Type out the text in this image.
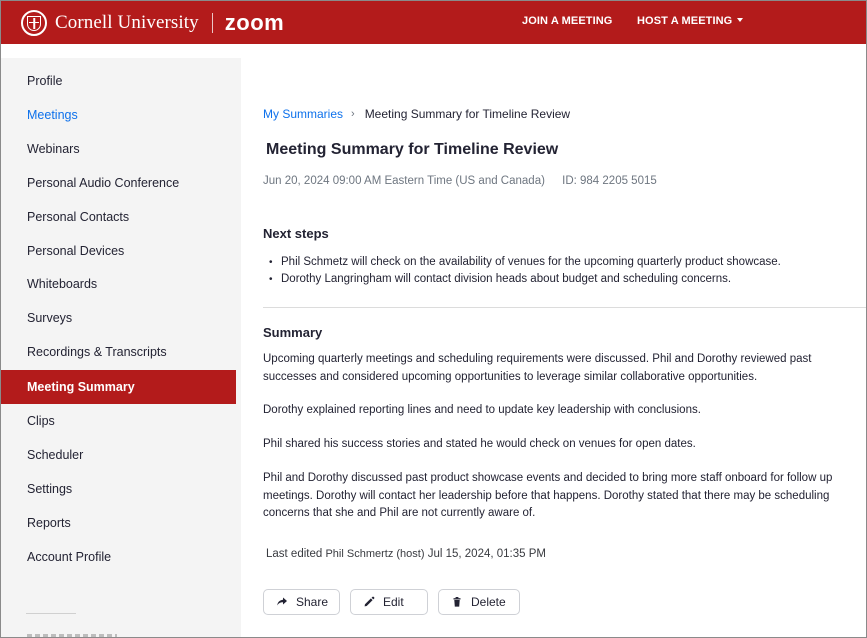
Cornell University zoom	JOIN A MEETING HOST A MEETING
Profile
Meetings
Webinars
Personal Audio Conference
Personal Contacts
Personal Devices
Whiteboards
Surveys
Recordings & Transcripts
Meeting Summary
Clips
Scheduler
Settings
Reports
Account Profile
My Summaries › Meeting Summary for Timeline Review
Meeting Summary for Timeline Review
Jun 20, 2024 09:00 AM Eastern Time (US and Canada) ID: 984 2205 5015
Next steps
• Phil Schmetz will check on the availability of venues for the upcoming quarterly product showcase.
• Dorothy Langringham will contact division heads about budget and scheduling concerns.
Summary

Upcoming quarterly meetings and scheduling requirements were discussed. Phil and Dorothy reviewed past successes and considered upcoming opportunities to leverage similar collaborative opportunities.

Dorothy explained reporting lines and need to update key leadership with conclusions.

Phil shared his success stories and stated he would check on venues for open dates.

Phil and Dorothy discussed past product showcase events and decided to bring more staff onboard for follow up meetings. Dorothy will contact her leadership before that happens. Dorothy stated that there may be scheduling concerns that she and Phil are not currently aware of.

Last edited Phil Schmertz (host) Jul 15, 2024, 01:35 PM
Share	Edit	Delete
